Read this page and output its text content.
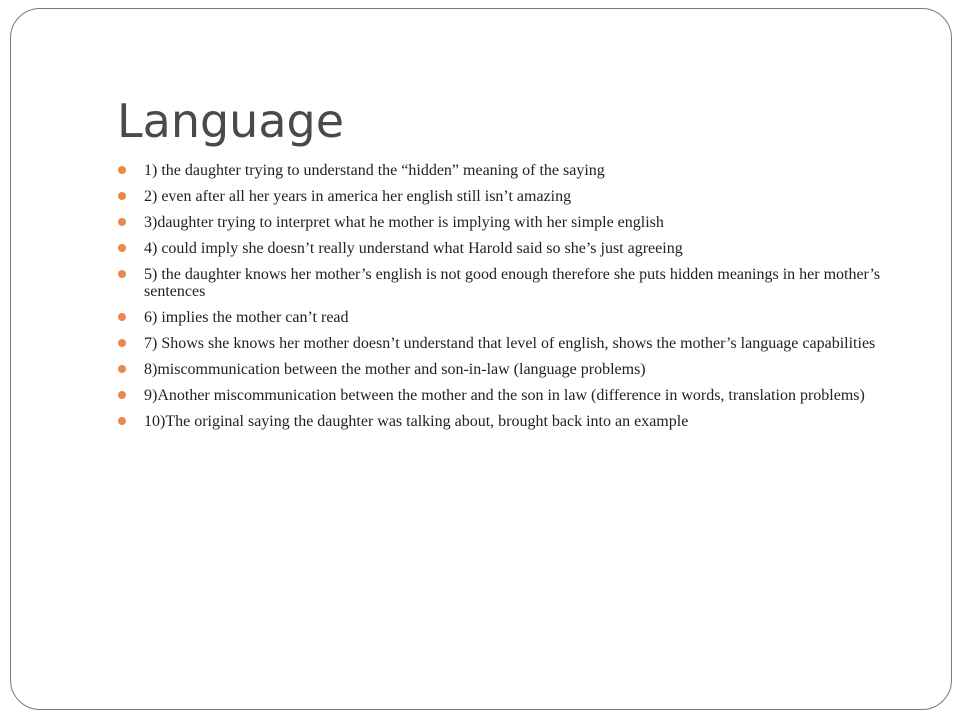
Language
1) the daughter trying to understand the “hidden” meaning of the saying
2) even after all her years in america her english still isn’t amazing
3)daughter trying to interpret what he mother is implying with her simple english
4) could imply she doesn’t really understand what Harold said so she’s just agreeing
5) the daughter knows her mother’s english is not good enough therefore she puts hidden meanings in her mother’s sentences
6) implies the mother can’t read
7) Shows she knows her mother doesn’t understand that level of english, shows the mother’s language capabilities
8)miscommunication between the mother and son-in-law (language problems)
9)Another miscommunication between the mother and the son in law (difference in words, translation problems)
10)The original saying the daughter was talking about, brought back into an example
